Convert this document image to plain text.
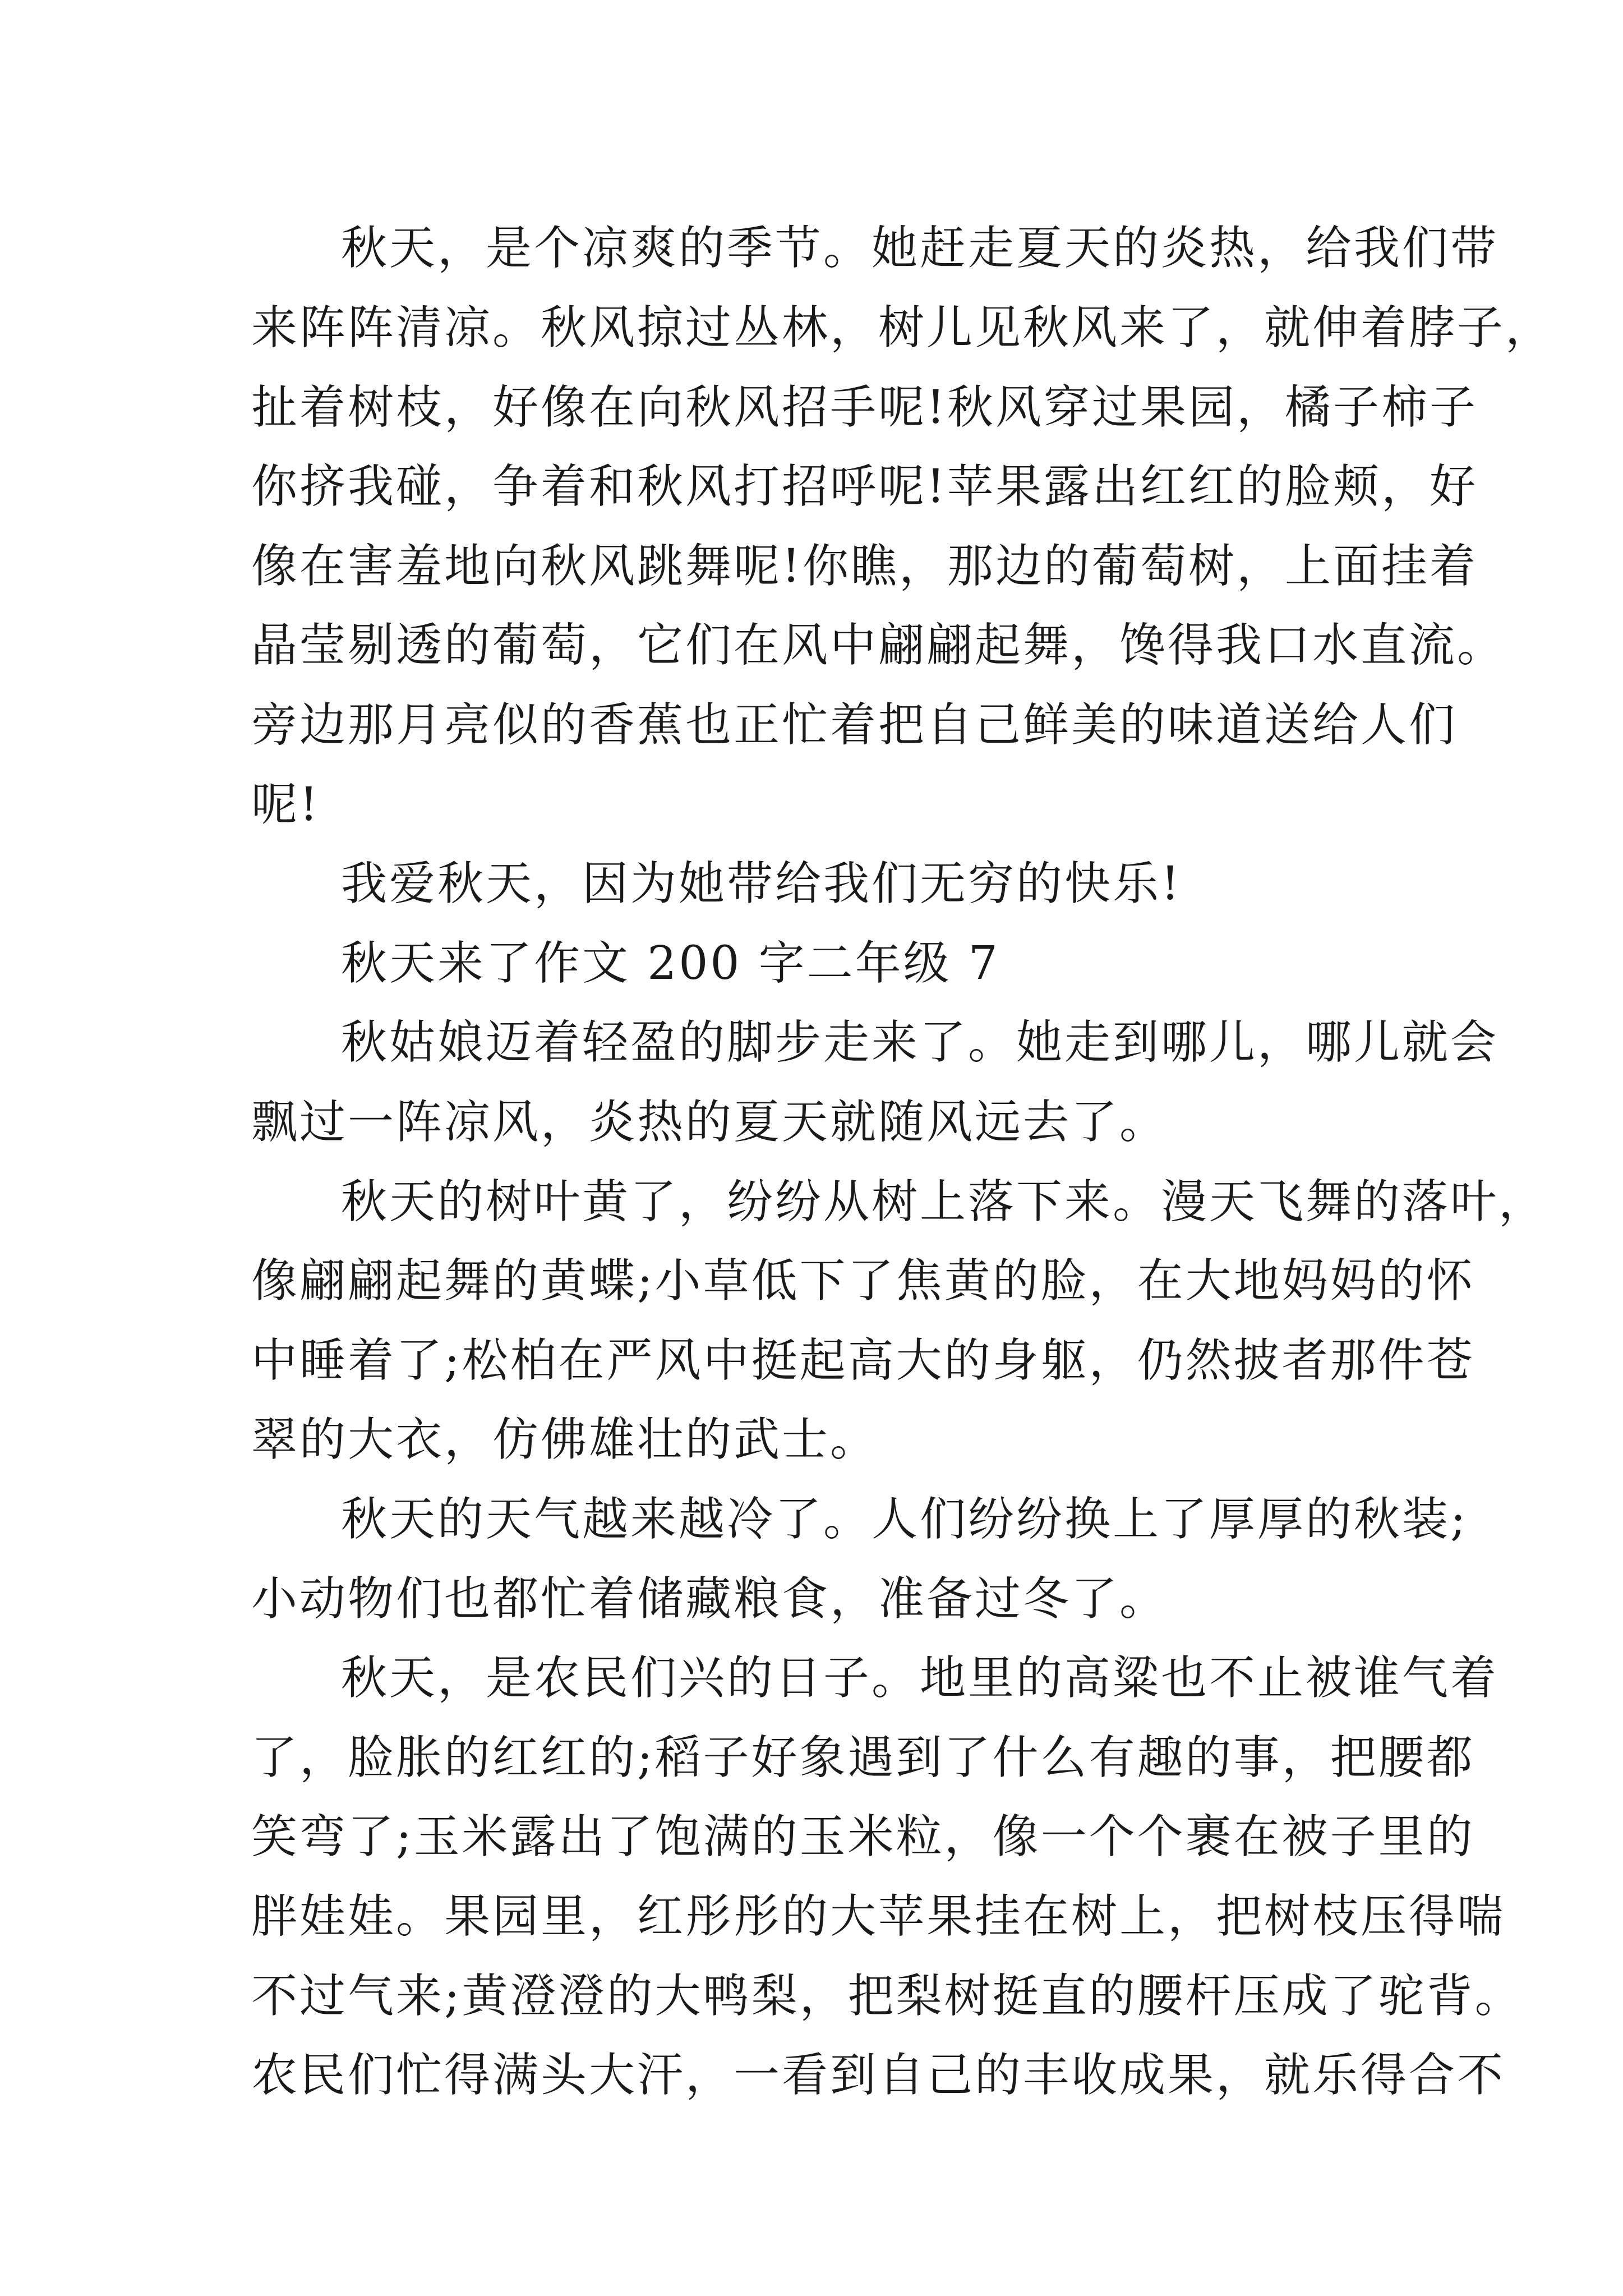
秋天，是个凉爽的季节。她赶走夏天的炎热，给我们带
来阵阵清凉。秋风掠过丛林，树儿见秋风来了，就伸着脖子，
扯着树枝，好像在向秋风招手呢!秋风穿过果园，橘子柿子
你挤我碰，争着和秋风打招呼呢!苹果露出红红的脸颊，好
像在害羞地向秋风跳舞呢!你瞧，那边的葡萄树，上面挂着
晶莹剔透的葡萄，它们在风中翩翩起舞，馋得我口水直流。
旁边那月亮似的香蕉也正忙着把自己鲜美的味道送给人们
呢!
我爱秋天，因为她带给我们无穷的快乐!
秋天来了作文 200 字二年级 7
秋姑娘迈着轻盈的脚步走来了。她走到哪儿，哪儿就会
飘过一阵凉风，炎热的夏天就随风远去了。
秋天的树叶黄了，纷纷从树上落下来。漫天飞舞的落叶，
像翩翩起舞的黄蝶;小草低下了焦黄的脸，在大地妈妈的怀
中睡着了;松柏在严风中挺起高大的身躯，仍然披者那件苍
翠的大衣，仿佛雄壮的武士。
秋天的天气越来越冷了。人们纷纷换上了厚厚的秋装;
小动物们也都忙着储藏粮食，准备过冬了。
秋天，是农民们兴的日子。地里的高粱也不止被谁气着
了，脸胀的红红的;稻子好象遇到了什么有趣的事，把腰都
笑弯了;玉米露出了饱满的玉米粒，像一个个裹在被子里的
胖娃娃。果园里，红彤彤的大苹果挂在树上，把树枝压得喘
不过气来;黄澄澄的大鸭梨，把梨树挺直的腰杆压成了驼背。
农民们忙得满头大汗，一看到自己的丰收成果，就乐得合不
